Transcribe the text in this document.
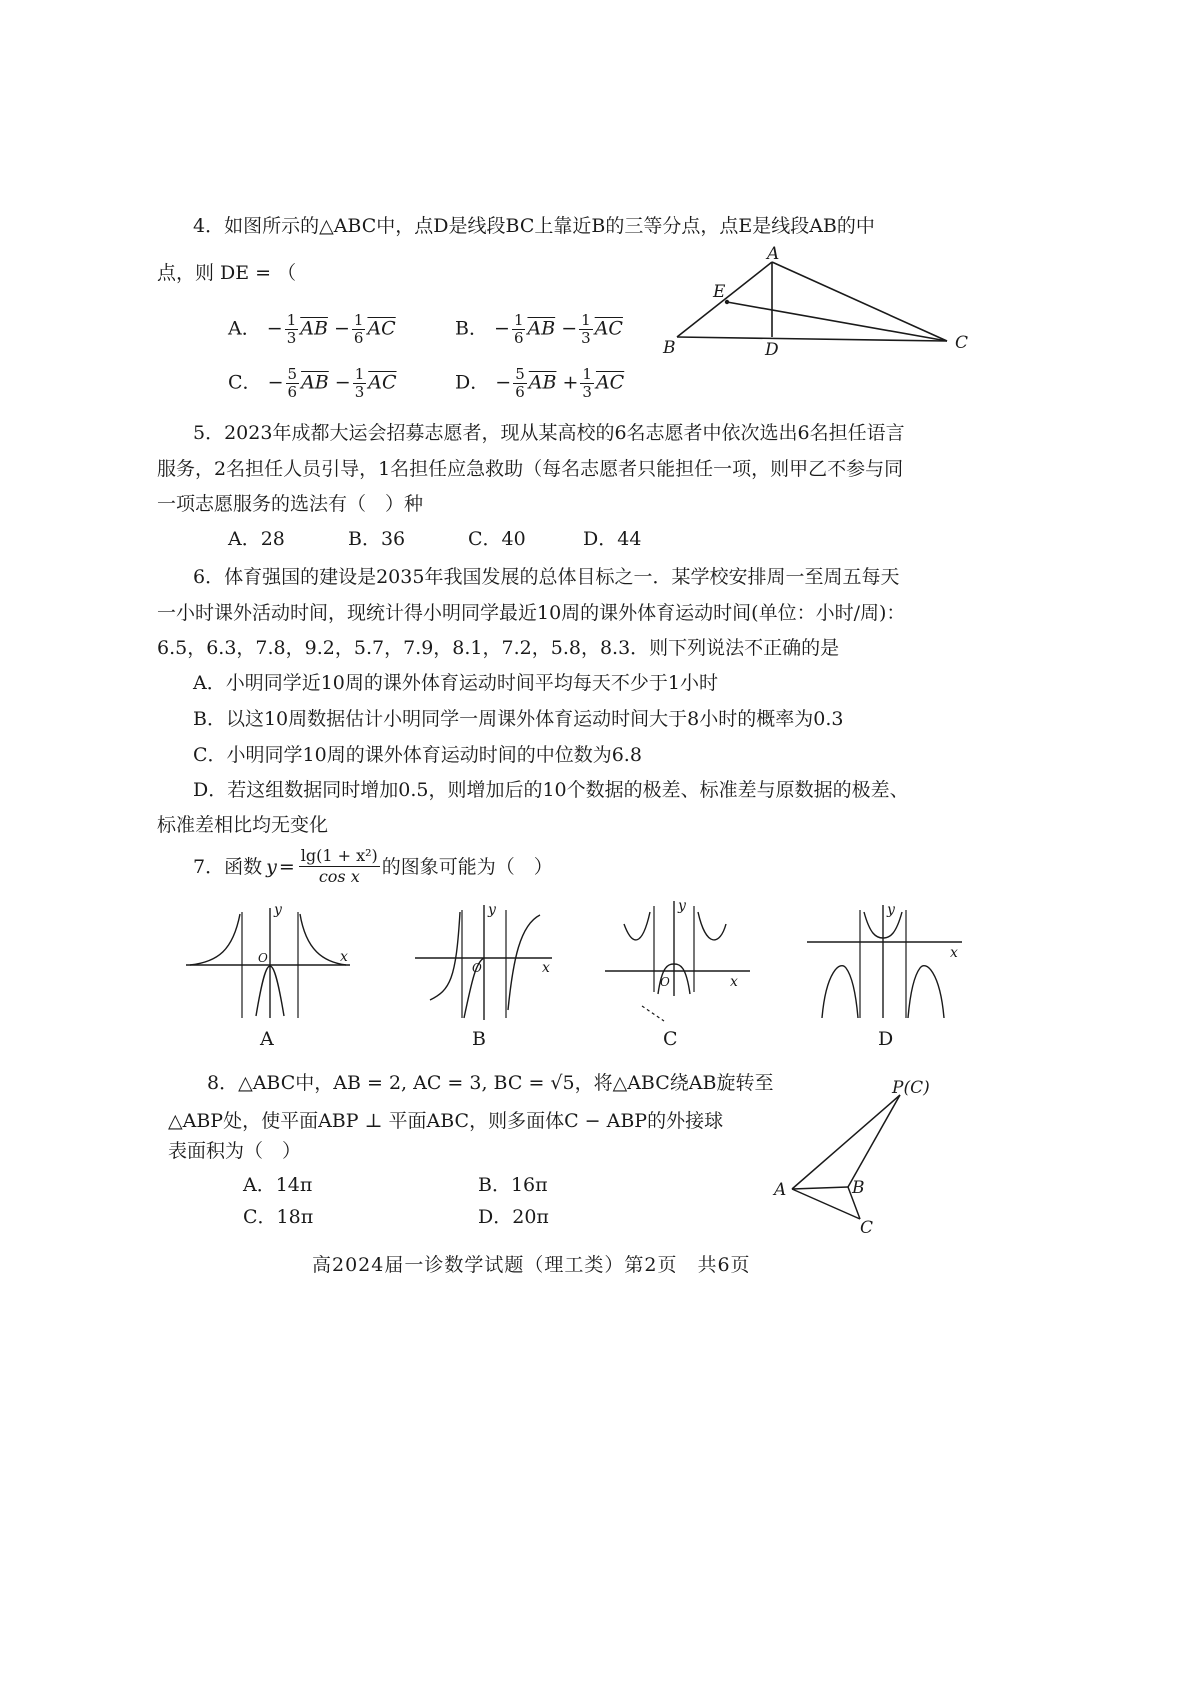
4．如图所示的△ABC中，点D是线段BC上靠近B的三等分点，点E是线段AB的中
点，则 DE = （
A． − $\frac{1}{3} \overline{AB} - \frac{1}{6} \overline{AC}$	B． − $\frac{1}{6} \overline{AB} - \frac{1}{3} \overline{AC}$
C． − $\frac{5}{6} \overline{AB} - \frac{1}{3} \overline{AC}$	D． − $\frac{5}{6} \overline{AB} + \frac{1}{3} \overline{AC}$
A
B	C
D
E
5．2023年成都大运会招募志愿者，现从某高校的6名志愿者中依次选出6名担任语言
服务，2名担任人员引导，1名担任应急救助（每名志愿者只能担任一项，则甲乙不参与同
一项志愿服务的选法有（　）种
A．28	B．36	C．40	D．44
6．体育强国的建设是2035年我国发展的总体目标之一．某学校安排周一至周五每天
一小时课外活动时间，现统计得小明同学最近10周的课外体育运动时间(单位：小时/周)：
6.5，6.3，7.8，9.2，5.7，7.9，8.1，7.2，5.8，8.3．则下列说法不正确的是
A．小明同学近10周的课外体育运动时间平均每天不少于1小时
B．以这10周数据估计小明同学一周课外体育运动时间大于8小时的概率为0.3
C．小明同学10周的课外体育运动时间的中位数为6.8
D．若这组数据同时增加0.5，则增加后的10个数据的极差、标准差与原数据的极差、
标准差相比均无变化
7．函数 $y = \frac{\text{lg(1 + x²)}}{\text{cos x}}$ 的图象可能为（　）
y
x
O
A
y
x
O
B
y
x
O
C
y
x
D
8．△ABC中，AB = 2, AC = 3, BC = √5，将△ABC绕AB旋转至
△ABP处，使平面ABP ⊥ 平面ABC，则多面体C − ABP的外接球
表面积为（　）
A．14π	B．16π
C．18π	D．20π
P(C)
A	B
C
高2024届一诊数学试题（理工类）第2页　共6页
